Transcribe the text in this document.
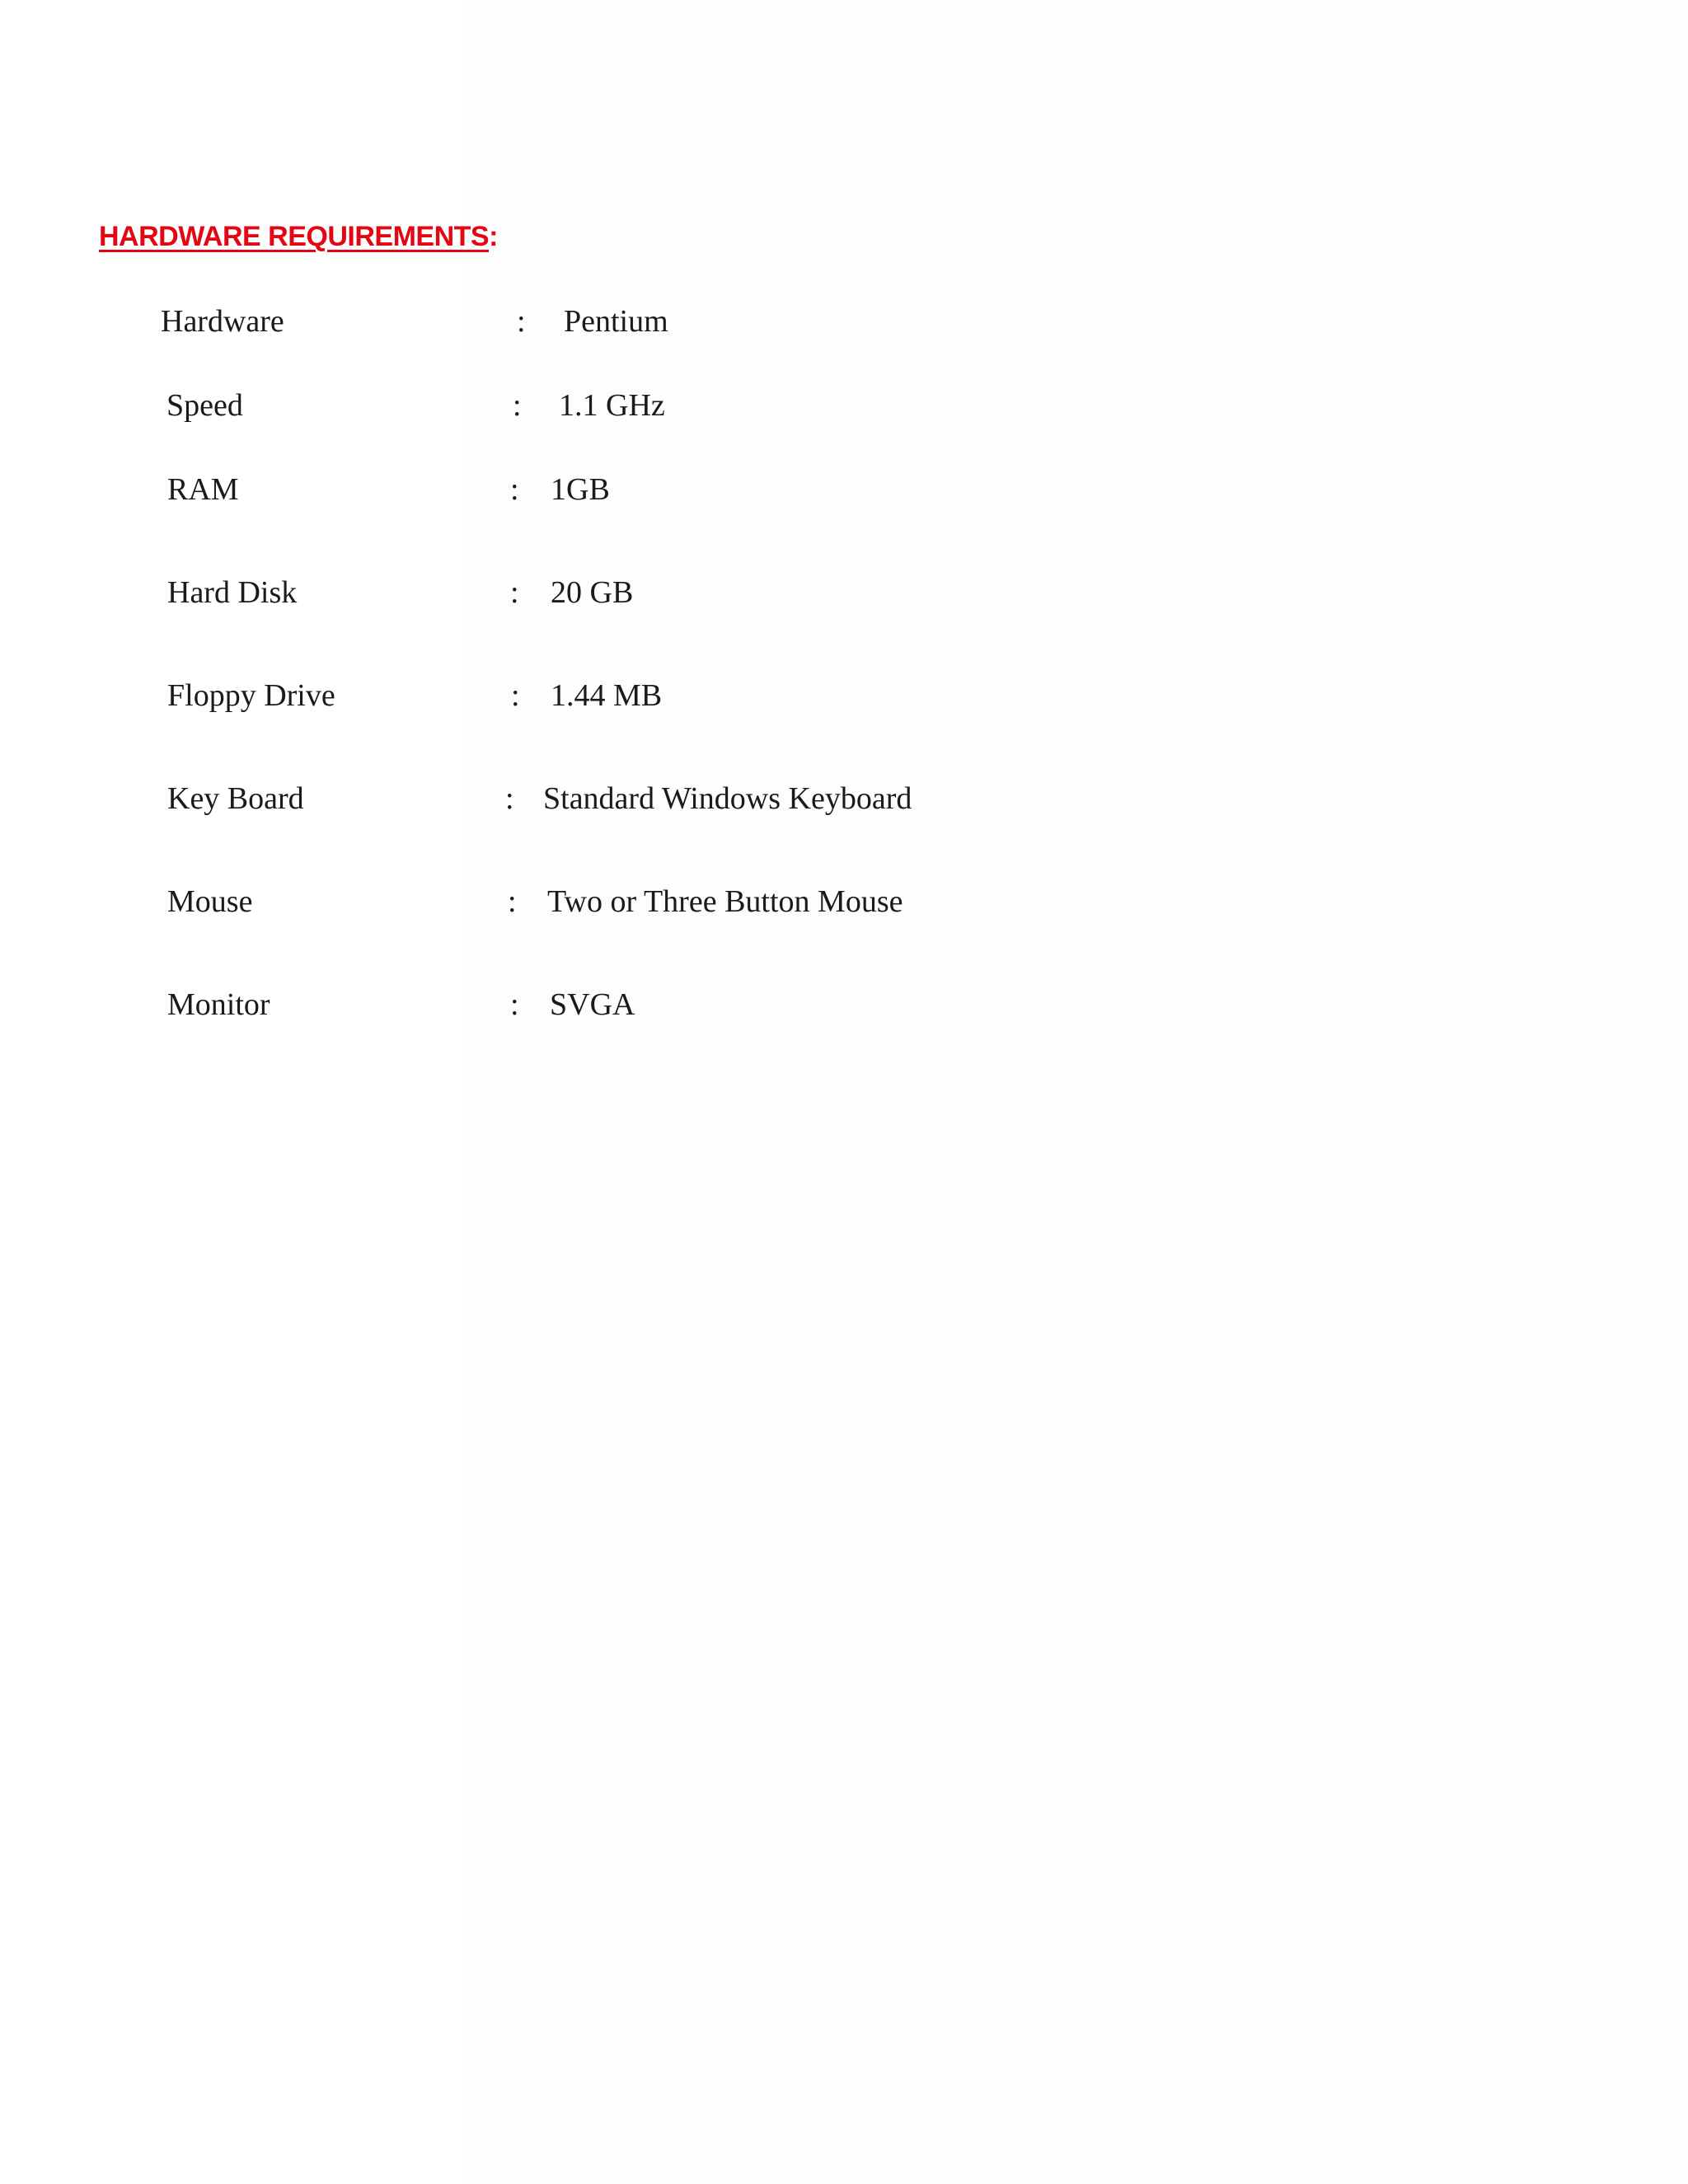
HARDWARE REQUIREMENTS:
Hardware	: Pentium
Speed	: 1.1 GHz
RAM	: 1GB
Hard Disk	: 20 GB
Floppy Drive	: 1.44 MB
Key Board	: Standard Windows Keyboard
Mouse	: Two or Three Button Mouse
Monitor	: SVGA
